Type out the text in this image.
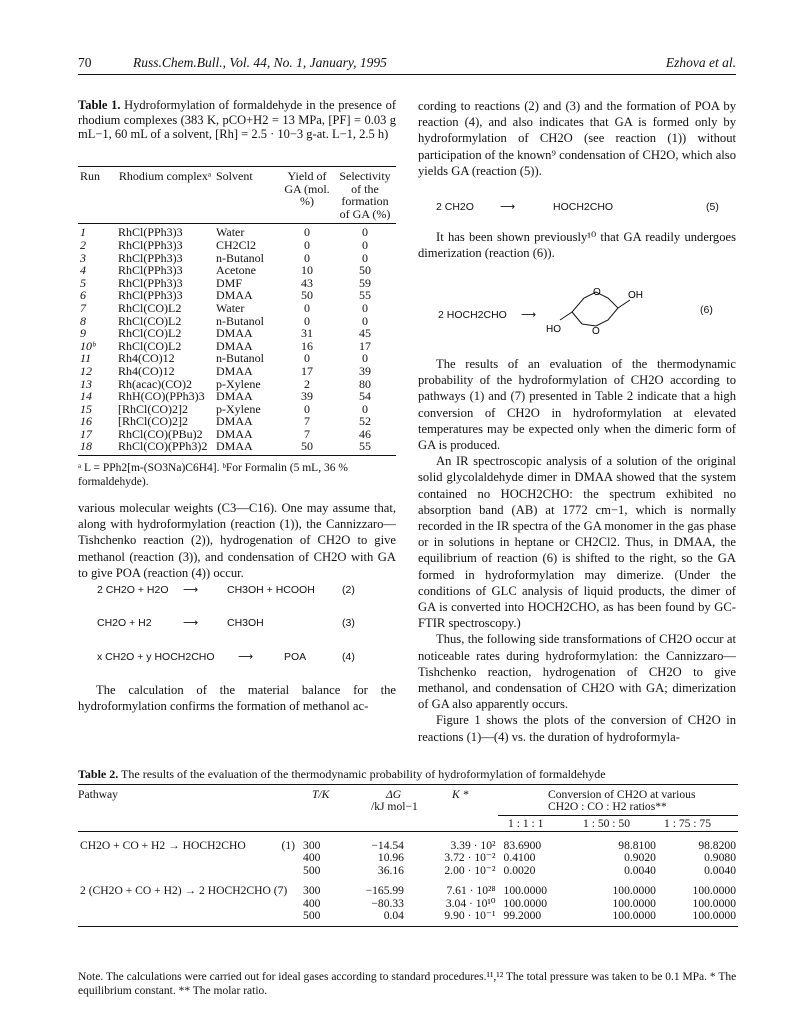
70	Russ.Chem.Bull., Vol. 44, No. 1, January, 1995	Ezhova et al.
Table 1. Hydroformylation of formaldehyde in the presence of rhodium complexes (383 K, pCO+H2 = 13 MPa, [PF] = 0.03 g mL−1, 60 mL of a solvent, [Rh] = 2.5 · 10−3 g-at. L−1, 2.5 h)
Run	Rhodium complexᵃ	Solvent	Yield of GA (mol. %)	Selectivity of the formation of GA (%)
1	RhCl(PPh3)3	Water	0	0
2	RhCl(PPh3)3	CH2Cl2	0	0
3	RhCl(PPh3)3	n-Butanol	0	0
4	RhCl(PPh3)3	Acetone	10	50
5	RhCl(PPh3)3	DMF	43	59
6	RhCl(PPh3)3	DMAA	50	55
7	RhCl(CO)L2	Water	0	0
8	RhCl(CO)L2	n-Butanol	0	0
9	RhCl(CO)L2	DMAA	31	45
10ᵇ	RhCl(CO)L2	DMAA	16	17
11	Rh4(CO)12	n-Butanol	0	0
12	Rh4(CO)12	DMAA	17	39
13	Rh(acac)(CO)2	p-Xylene	2	80
14	RhH(CO)(PPh3)3	DMAA	39	54
15	[RhCl(CO)2]2	p-Xylene	0	0
16	[RhCl(CO)2]2	DMAA	7	52
17	RhCl(CO)(PBu)2	DMAA	7	46
18	RhCl(CO)(PPh3)2	DMAA	50	55
ᵃ L = PPh2[m-(SO3Na)C6H4]. ᵇFor Formalin (5 mL, 36 % formaldehyde).

various molecular weights (C3—C16). One may assume that, along with hydroformylation (reaction (1)), the Cannizzaro—Tishchenko reaction (2)), hydrogenation of CH2O to give methanol (reaction (3)), and condensation of CH2O with GA to give POA (reaction (4)) occur.

2 CH2O + H2O ⟶	CH3OH + HCOOH	(2)
CH2O + H2	⟶	CH3OH	(3)
x CH2O + y HOCH2CHO ⟶	POA	(4)

The calculation of the material balance for the hydroformylation confirms the formation of methanol ac-

cording to reactions (2) and (3) and the formation of POA by reaction (4), and also indicates that GA is formed only by hydroformylation of CH2O (see reaction (1)) without participation of the known⁹ condensation of CH2O, which also yields GA (reaction (5)).

2 CH2O ⟶	HOCH2CHO	(5)

It has been shown previously¹⁰ that GA readily undergoes dimerization (reaction (6)).

2 HOCH2CHO ⟶
O	OH
HO	O
(6)

The results of an evaluation of the thermodynamic probability of the hydroformylation of CH2O according to pathways (1) and (7) presented in Table 2 indicate that a high conversion of CH2O in hydroformylation at elevated temperatures may be expected only when the dimeric form of GA is produced.

An IR spectroscopic analysis of a solution of the original solid glycolaldehyde dimer in DMAA showed that the system contained no HOCH2CHO: the spectrum exhibited no absorption band (AB) at 1772 cm−1, which is normally recorded in the IR spectra of the GA monomer in the gas phase or in solutions in heptane or CH2Cl2. Thus, in DMAA, the equilibrium of reaction (6) is shifted to the right, so the GA formed in hydroformylation may dimerize. (Under the conditions of GLC analysis of liquid products, the dimer of GA is converted into HOCH2CHO, as has been found by GC-FTIR spectroscopy.)

Thus, the following side transformations of CH2O occur at noticeable rates during hydroformylation: the Cannizzaro—Tishchenko reaction, hydrogenation of CH2O to give methanol, and condensation of CH2O with GA; dimerization of GA also apparently occurs.

Figure 1 shows the plots of the conversion of CH2O in reactions (1)—(4) vs. the duration of hydroformyla-

Table 2. The results of the evaluation of the thermodynamic probability of hydroformylation of formaldehyde
Pathway	T/K	ΔG
/kJ mol−1
K *	Conversion of CH2O at various
CH2O : CO : H2 ratios**
1 : 1 : 1	1 : 50 : 50	1 : 75 : 75
CH2O + CO + H2 → HOCH2CHO (1)	300	−14.54	3.39 · 10²	83.6900	98.8100	98.8200
	400	10.96	3.72 · 10⁻²	0.4100	0.9020	0.9080
	500	36.16	2.00 · 10⁻²	0.0020	0.0040	0.0040
2 (CH2O + CO + H2) → 2 HOCH2CHO (7)	300	−165.99	7.61 · 10²⁸	100.0000	100.0000	100.0000
	400	−80.33	3.04 · 10¹⁰	100.0000	100.0000	100.0000
	500	0.04	9.90 · 10⁻¹	99.2000	100.0000	100.0000
Note. The calculations were carried out for ideal gases according to standard procedures.¹¹,¹² The total pressure was taken to be 0.1 MPa. * The equilibrium constant. ** The molar ratio.
